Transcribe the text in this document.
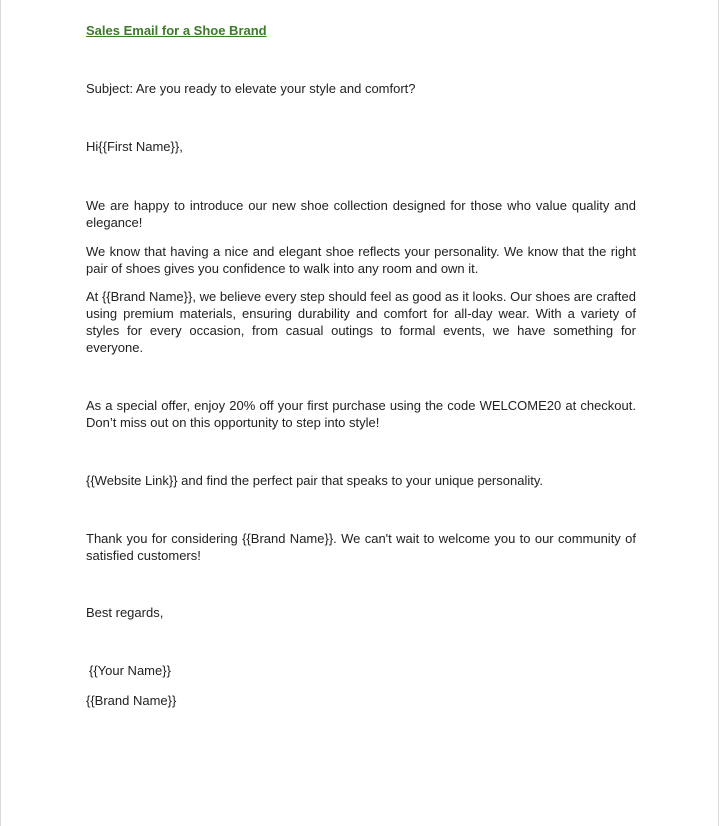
Sales Email for a Shoe Brand

Subject: Are you ready to elevate your style and comfort?

Hi{{First Name}},

We are happy to introduce our new shoe collection designed for those who value quality and elegance!

We know that having a nice and elegant shoe reflects your personality. We know that the right pair of shoes gives you confidence to walk into any room and own it.

At {{Brand Name}}, we believe every step should feel as good as it looks. Our shoes are crafted using premium materials, ensuring durability and comfort for all-day wear. With a variety of styles for every occasion, from casual outings to formal events, we have something for everyone.

As a special offer, enjoy 20% off your first purchase using the code WELCOME20 at checkout. Don’t miss out on this opportunity to step into style!

{{Website Link}} and find the perfect pair that speaks to your unique personality.

Thank you for considering {{Brand Name}}. We can't wait to welcome you to our community of satisfied customers!

Best regards,

{{Your Name}}

{{Brand Name}}
